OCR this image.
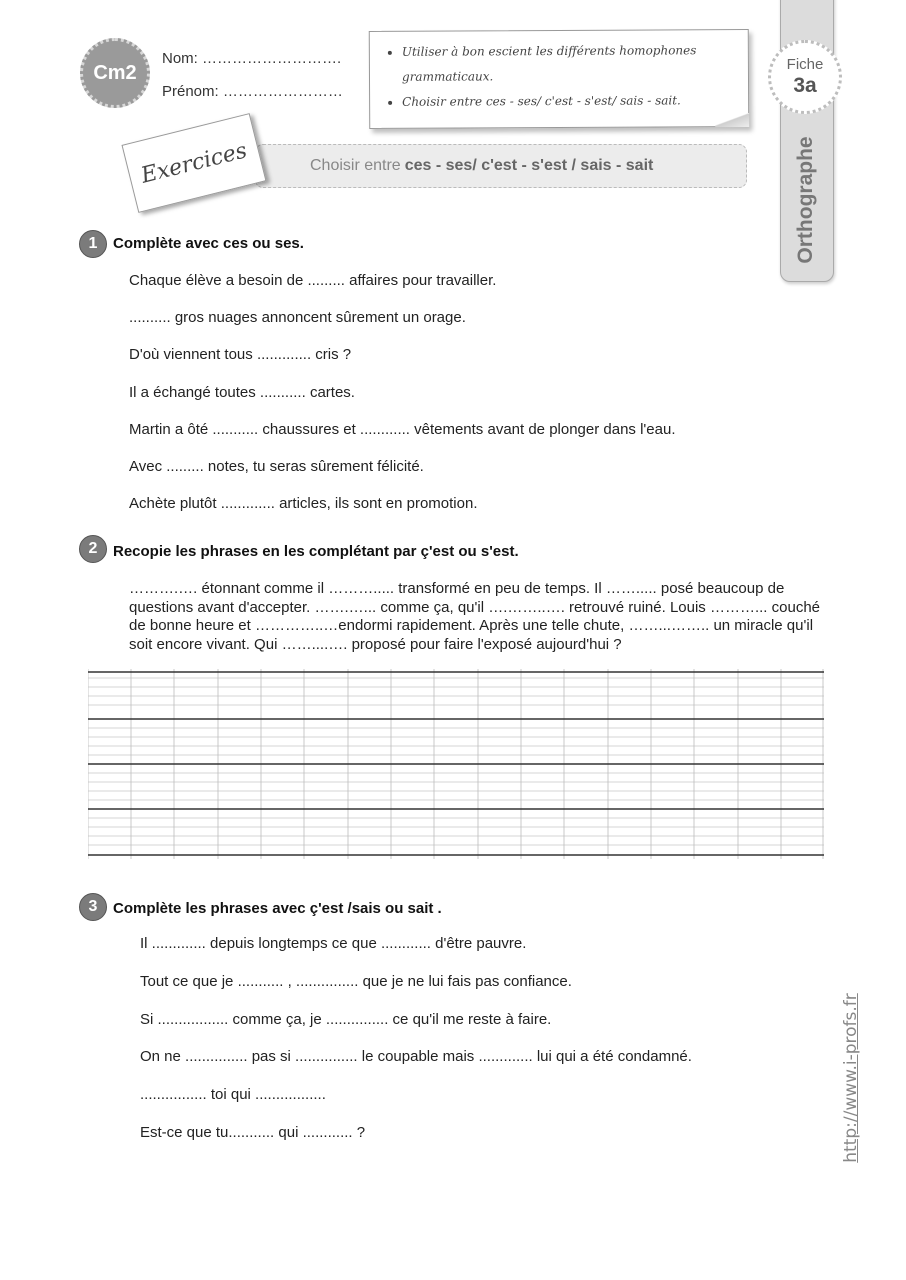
Cm2
Nom: ……………………….
Prénom: ……………………
• Utiliser à bon escient les différents homophones grammaticaux.
• Choisir entre ces - ses/ c'est - s'est/ sais - sait.
Orthographe
Fiche
3a
Choisir entre ces - ses/ c'est - s'est / sais - sait
Exercices
1	Complète avec ces ou ses.
Chaque élève a besoin de ......... affaires pour travailler.
.......... gros nuages annoncent sûrement un orage.
D'où viennent tous ............. cris ?
Il a échangé toutes ........... cartes.
Martin a ôté ........... chaussures et ............ vêtements avant de plonger dans l'eau.
Avec ......... notes, tu seras sûrement félicité.
Achète plutôt ............. articles, ils sont en promotion.
2	Recopie les phrases en les complétant par ç'est ou s'est.

……….…. étonnant comme il ………..... transformé en peu de temps. Il ……..... posé beaucoup de questions avant d'accepter. …….…... comme ça, qu'il ….……..…. retrouvé ruiné. Louis ………... couché de bonne heure et …………..…endormi rapidement. Après une telle chute, ……...…….. un miracle qu'il soit encore vivant. Qui ……....…. proposé pour faire l'exposé aujourd'hui ?

3	Complète les phrases avec ç'est /sais ou sait .
Il ............. depuis longtemps ce que ............ d'être pauvre.
Tout ce que je ........... , ............... que je ne lui fais pas confiance.
Si ................. comme ça, je ............... ce qu'il me reste à faire.
On ne ............... pas si ............... le coupable mais ............. lui qui a été condamné.
................ toi qui .................
Est-ce que tu........... qui ............ ?	http://www.i-profs.fr
